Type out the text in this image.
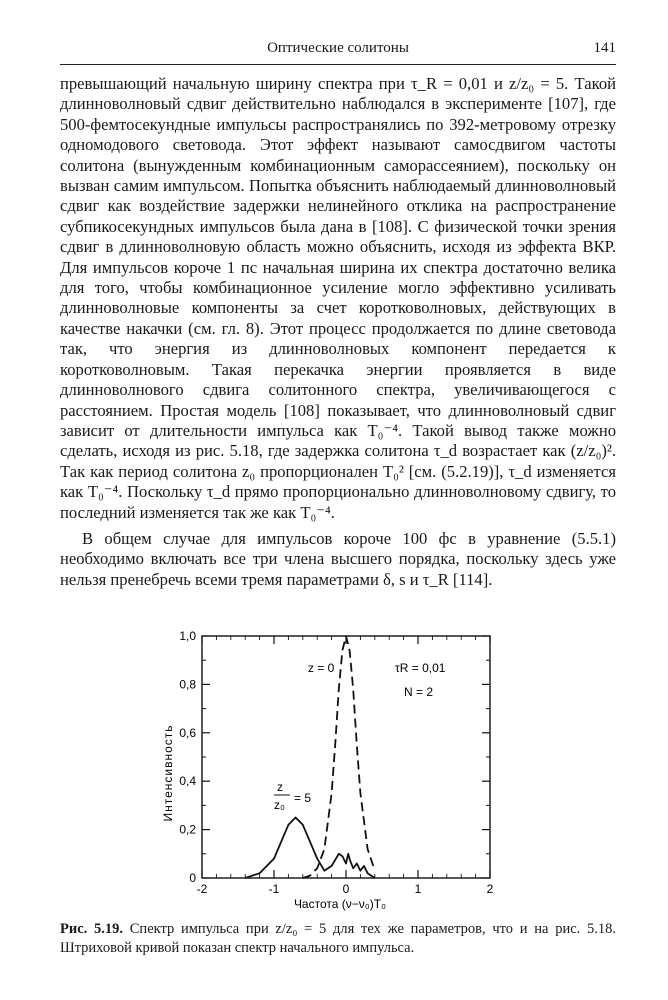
Оптические солитоны	141

превышающий начальную ширину спектра при τ_R = 0,01 и z/z₀ = 5. Такой длинноволновый сдвиг действительно наблюдался в эксперименте [107], где 500-фемтосекундные импульсы распространялись по 392-метровому отрезку одномодового световода. Этот эффект называют самосдвигом частоты солитона (вынужденным комбинационным саморассеянием), поскольку он вызван самим импульсом. Попытка объяснить наблюдаемый длинноволновый сдвиг как воздействие задержки нелинейного отклика на распространение субпикосекундных импульсов была дана в [108]. С физической точки зрения сдвиг в длинноволновую область можно объяснить, исходя из эффекта ВКР. Для импульсов короче 1 пс начальная ширина их спектра достаточно велика для того, чтобы комбинационное усиление могло эффективно усиливать длинноволновые компоненты за счет коротковолновых, действующих в качестве накачки (см. гл. 8). Этот процесс продолжается по длине световода так, что энергия из длинноволновых компонент передается к коротковолновым. Такая перекачка энергии проявляется в виде длинноволнового сдвига солитонного спектра, увеличивающегося с расстоянием. Простая модель [108] показывает, что длинноволновый сдвиг зависит от длительности импульса как T₀⁻⁴. Такой вывод также можно сделать, исходя из рис. 5.18, где задержка солитона τ_d возрастает как (z/z₀)². Так как период солитона z₀ пропорционален T₀² [см. (5.2.19)], τ_d изменяется как T₀⁻⁴. Поскольку τ_d прямо пропорционально длинноволновому сдвигу, то последний изменяется так же как T₀⁻⁴.

В общем случае для импульсов короче 100 фс в уравнение (5.5.1) необходимо включать все три члена высшего порядка, поскольку здесь уже нельзя пренебречь всеми тремя параметрами δ, s и τ_R [114].

0
0,2
0,4
0,6
0,8
1,0
-2	-1	0	1	2
Интенсивность
Частота (ν−ν₀)T₀
z = 0	τR = 0,01
N = 2
z
z₀ = 5
Рис. 5.19. Спектр импульса при z/z₀ = 5 для тех же параметров, что и на рис. 5.18. Штриховой кривой показан спектр начального импульса.
